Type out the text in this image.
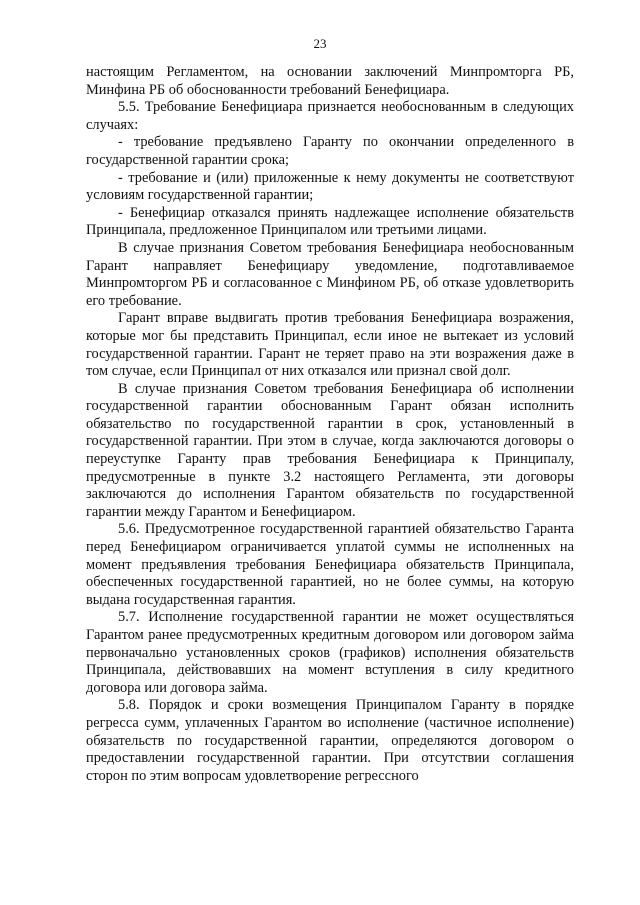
23

настоящим Регламентом, на основании заключений Минпромторга РБ, Минфина РБ об обоснованности требований Бенефициара.

5.5. Требование Бенефициара признается необоснованным в следующих случаях:

- требование предъявлено Гаранту по окончании определенного в государственной гарантии срока;

- требование и (или) приложенные к нему документы не соответствуют условиям государственной гарантии;

- Бенефициар отказался принять надлежащее исполнение обязательств Принципала, предложенное Принципалом или третьими лицами.

В случае признания Советом требования Бенефициара необоснованным Гарант направляет Бенефициару уведомление, подготавливаемое Минпромторгом РБ и согласованное с Минфином РБ, об отказе удовлетворить его требование.

Гарант вправе выдвигать против требования Бенефициара возражения, которые мог бы представить Принципал, если иное не вытекает из условий государственной гарантии. Гарант не теряет право на эти возражения даже в том случае, если Принципал от них отказался или признал свой долг.

В случае признания Советом требования Бенефициара об исполнении государственной гарантии обоснованным Гарант обязан исполнить обязательство по государственной гарантии в срок, установленный в государственной гарантии. При этом в случае, когда заключаются договоры о переуступке Гаранту прав требования Бенефициара к Принципалу, предусмотренные в пункте 3.2 настоящего Регламента, эти договоры заключаются до исполнения Гарантом обязательств по государственной гарантии между Гарантом и Бенефициаром.

5.6. Предусмотренное государственной гарантией обязательство Гаранта перед Бенефициаром ограничивается уплатой суммы не исполненных на момент предъявления требования Бенефициара обязательств Принципала, обеспеченных государственной гарантией, но не более суммы, на которую выдана государственная гарантия.

5.7. Исполнение государственной гарантии не может осуществляться Гарантом ранее предусмотренных кредитным договором или договором займа первоначально установленных сроков (графиков) исполнения обязательств Принципала, действовавших на момент вступления в силу кредитного договора или договора займа.

5.8. Порядок и сроки возмещения Принципалом Гаранту в порядке регресса сумм, уплаченных Гарантом во исполнение (частичное исполнение) обязательств по государственной гарантии, определяются договором о предоставлении государственной гарантии. При отсутствии соглашения сторон по этим вопросам удовлетворение регрессного
